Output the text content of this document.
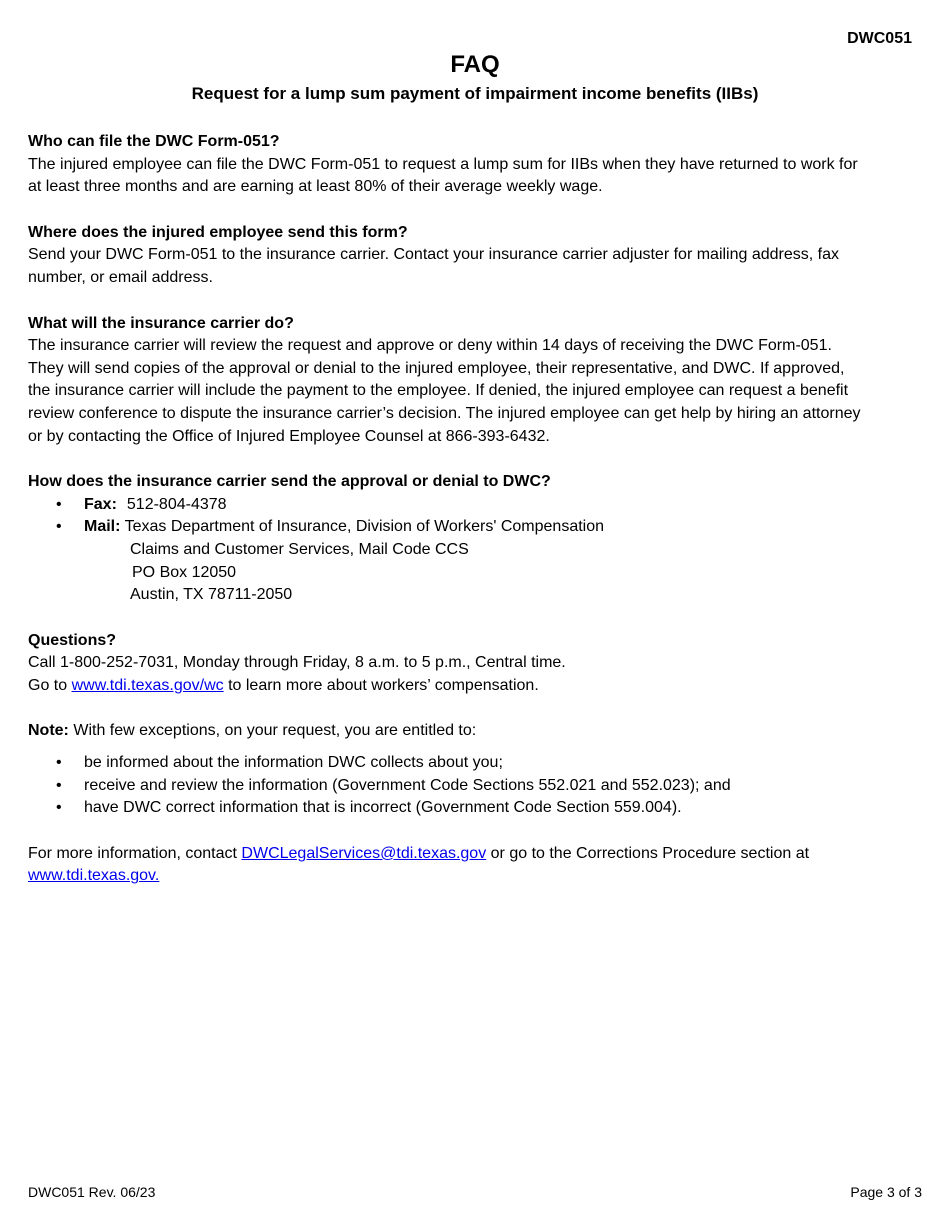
DWC051

FAQ
Request for a lump sum payment of impairment income benefits (IIBs)

Who can file the DWC Form-051?

The injured employee can file the DWC Form-051 to request a lump sum for IIBs when they have returned to work for at least three months and are earning at least 80% of their average weekly wage.

Where does the injured employee send this form?

Send your DWC Form-051 to the insurance carrier. Contact your insurance carrier adjuster for mailing address, fax number, or email address.

What will the insurance carrier do?

The insurance carrier will review the request and approve or deny within 14 days of receiving the DWC Form-051. They will send copies of the approval or denial to the injured employee, their representative, and DWC. If approved, the insurance carrier will include the payment to the employee. If denied, the injured employee can request a benefit review conference to dispute the insurance carrier’s decision. The injured employee can get help by hiring an attorney or by contacting the Office of Injured Employee Counsel at 866-393-6432.

How does the insurance carrier send the approval or denial to DWC?

• Fax: 512-804-4378
• Mail: Texas Department of Insurance, Division of Workers' Compensation
Claims and Customer Services, Mail Code CCS
PO Box 12050
Austin, TX 78711-2050

Questions?

Call 1-800-252-7031, Monday through Friday, 8 a.m. to 5 p.m., Central time.

Go to www.tdi.texas.gov/wc to learn more about workers’ compensation.

Note: With few exceptions, on your request, you are entitled to:

• be informed about the information DWC collects about you;
• receive and review the information (Government Code Sections 552.021 and 552.023); and
• have DWC correct information that is incorrect (Government Code Section 559.004).

For more information, contact DWCLegalServices@tdi.texas.gov or go to the Corrections Procedure section at www.tdi.texas.gov.

DWC051 Rev. 06/23	Page 3 of 3
